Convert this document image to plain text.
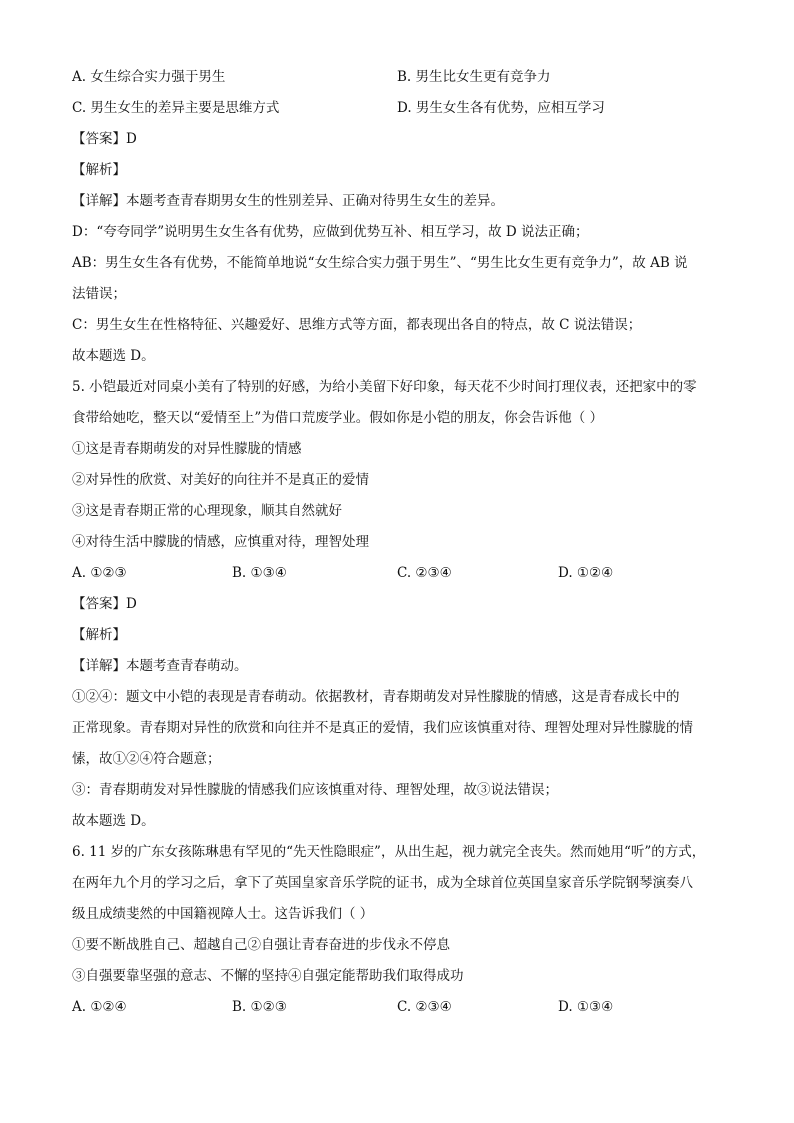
A. 女生综合实力强于男生	B. 男生比女生更有竞争力
C. 男生女生的差异主要是思维方式	D. 男生女生各有优势，应相互学习
【答案】D
【解析】
【详解】本题考查青春期男女生的性别差异、正确对待男生女生的差异。
D：“夸夸同学”说明男生女生各有优势，应做到优势互补、相互学习，故 D 说法正确；
AB：男生女生各有优势，不能简单地说“女生综合实力强于男生”、“男生比女生更有竞争力”，故 AB 说
法错误；
C：男生女生在性格特征、兴趣爱好、思维方式等方面，都表现出各自的特点，故 C 说法错误；
故本题选 D。
5. 小铠最近对同桌小美有了特别的好感，为给小美留下好印象，每天花不少时间打理仪表，还把家中的零
食带给她吃，整天以“爱情至上”为借口荒废学业。假如你是小铠的朋友，你会告诉他（ ）
①这是青春期萌发的对异性朦胧的情感
②对异性的欣赏、对美好的向往并不是真正的爱情
③这是青春期正常的心理现象，顺其自然就好
④对待生活中朦胧的情感，应慎重对待，理智处理
A. ①②③	B. ①③④	C. ②③④	D. ①②④
【答案】D
【解析】
【详解】本题考查青春萌动。
①②④：题文中小铠的表现是青春萌动。依据教材，青春期萌发对异性朦胧的情感，这是青春成长中的
正常现象。青春期对异性的欣赏和向往并不是真正的爱情，我们应该慎重对待、理智处理对异性朦胧的情
愫，故①②④符合题意；
③：青春期萌发对异性朦胧的情感我们应该慎重对待、理智处理，故③说法错误；
故本题选 D。
6. 11 岁的广东女孩陈琳患有罕见的“先天性隐眼症”，从出生起，视力就完全丧失。然而她用“听”的方式，
在两年九个月的学习之后，拿下了英国皇家音乐学院的证书，成为全球首位英国皇家音乐学院钢琴演奏八
级且成绩斐然的中国籍视障人士。这告诉我们（ ）
①要不断战胜自己、超越自己②自强让青春奋进的步伐永不停息
③自强要靠坚强的意志、不懈的坚持④自强定能帮助我们取得成功
A. ①②④	B. ①②③	C. ②③④	D. ①③④
